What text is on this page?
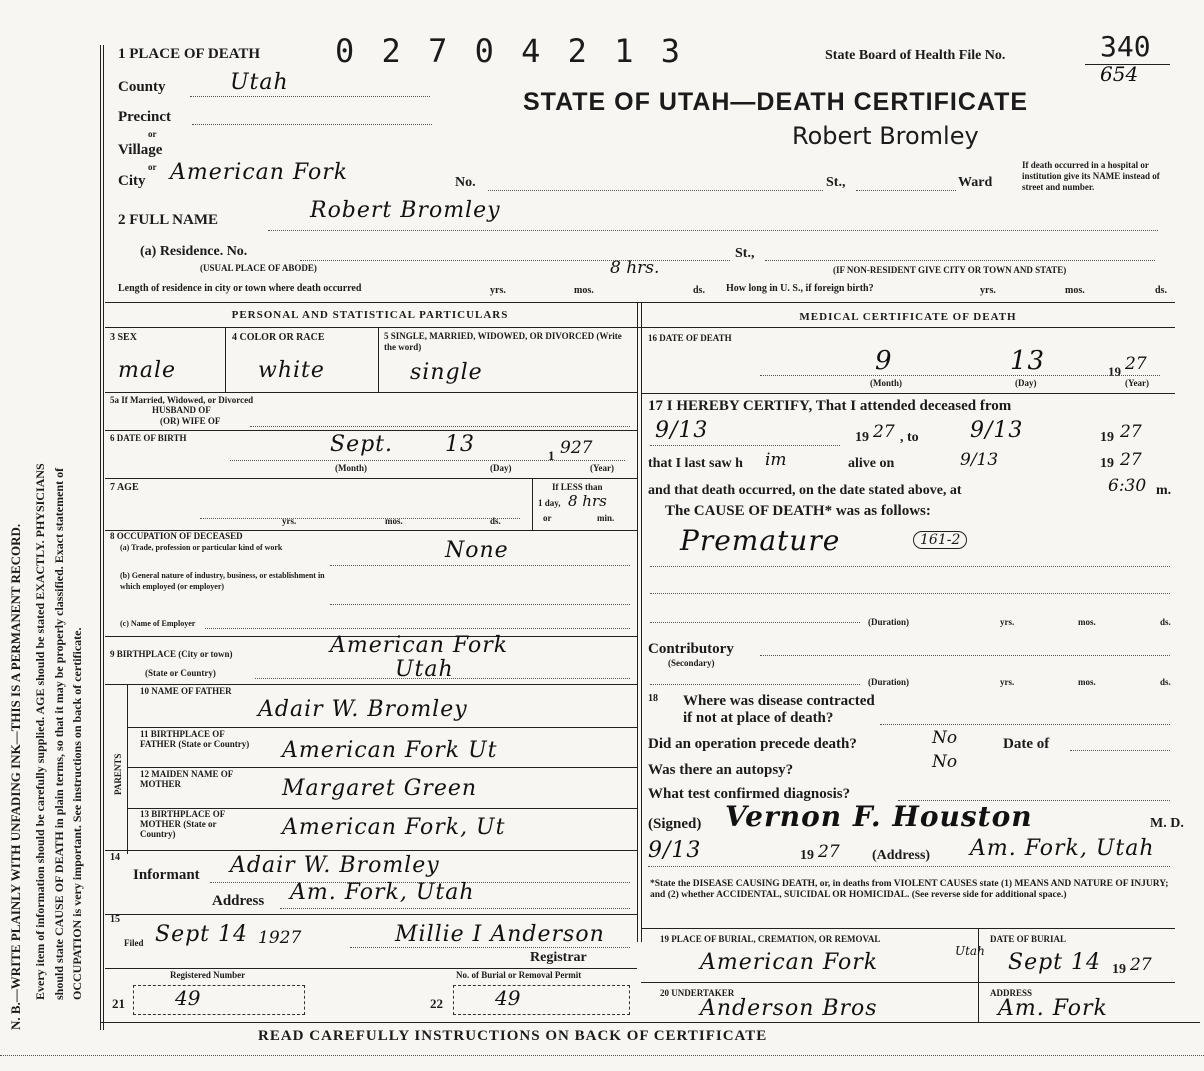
N. B.—WRITE PLAINLY WITH UNFADING INK—THIS IS A PERMANENT RECORD. Every item of information should be carefully supplied. AGE should be stated EXACTLY. PHYSICIANS should state CAUSE OF DEATH in plain terms, so that it may be properly classified. Exact statement of OCCUPATION is very important. See instructions on back of certificate.
1 PLACE OF DEATH 0 2 7 0 4 2 1 3	State Board of Health File No.	340
654
County	Utah
STATE OF UTAH—DEATH CERTIFICATE
Precinct
or
Village
or
Robert Bromley
City American Fork	No.	St.,	Ward
If death occurred in a hospital or institution give its NAME instead of street and number.
2 FULL NAME	Robert Bromley
(a) Residence. No.	St.,
(USUAL PLACE OF ABODE)	(IF NON-RESIDENT GIVE CITY OR TOWN AND STATE)
8 hrs.
Length of residence in city or town where death occurred	yrs.	mos.	ds. How long in U. S., if foreign birth?	yrs.	mos.	ds.
PERSONAL AND STATISTICAL PARTICULARS	MEDICAL CERTIFICATE OF DEATH
3 SEX
male
4 COLOR OR RACE
white
5 SINGLE, MARRIED, WIDOWED, OR DIVORCED (Write the word)
single
5a If Married, Widowed, or Divorced
HUSBAND OF
(OR) WIFE OF
6 DATE OF BIRTH	Sept. 13	1 927
(Month)	(Day)	(Year)
7 AGE
yrs.	mos.	ds.
If LESS than
1 day, 8 hrs
or	min.
8 OCCUPATION OF DECEASED
(a) Trade, profession or particular kind of work
(b) General nature of industry, business, or establishment in which employed (or employer)
None
(c) Name of Employer
9 BIRTHPLACE (City or town)	American Fork
(State or Country)	Utah
PARENTS
10 NAME OF FATHER
Adair W. Bromley
11 BIRTHPLACE OF FATHER (State or Country) American Fork Ut
12 MAIDEN NAME OF MOTHER	Margaret Green
13 BIRTHPLACE OF MOTHER (State or Country)	American Fork, Ut
14
Informant Adair W. Bromley
Address Am. Fork, Utah
15
Filed Sept 14 1927	Millie I Anderson
Registrar
Registered Number	No. of Burial or Removal Permit
21	49	22	49
16 DATE OF DEATH
9	13	19 27
(Month)	(Day)	(Year)
17 I HEREBY CERTIFY, That I attended deceased from
9/13	19 27 , to 9/13	19 27
that I last saw h im	alive on	9/13	19 27
and that death occurred, on the date stated above, at	6:30 m.
The CAUSE OF DEATH* was as follows:
Premature	161-2
(Duration)	yrs.	mos.	ds.
Contributory
(Secondary)
(Duration)	yrs.	mos.	ds.
18 Where was disease contracted
if not at place of death?
Did an operation precede death?	No	Date of
Was there an autopsy?	No
What test confirmed diagnosis?
(Signed) Vernon F. Houston	M. D.
9/13	19 27 (Address) Am. Fork, Utah
*State the DISEASE CAUSING DEATH, or, in deaths from VIOLENT CAUSES state (1) MEANS AND NATURE OF INJURY; and (2) whether ACCIDENTAL, SUICIDAL OR HOMICIDAL. (See reverse side for additional space.)
19 PLACE OF BURIAL, CREMATION, OR REMOVAL
American Fork	Utah
DATE OF BURIAL
Sept 14 19 27
20 UNDERTAKER
Anderson Bros
ADDRESS
Am. Fork
READ CAREFULLY INSTRUCTIONS ON BACK OF CERTIFICATE
